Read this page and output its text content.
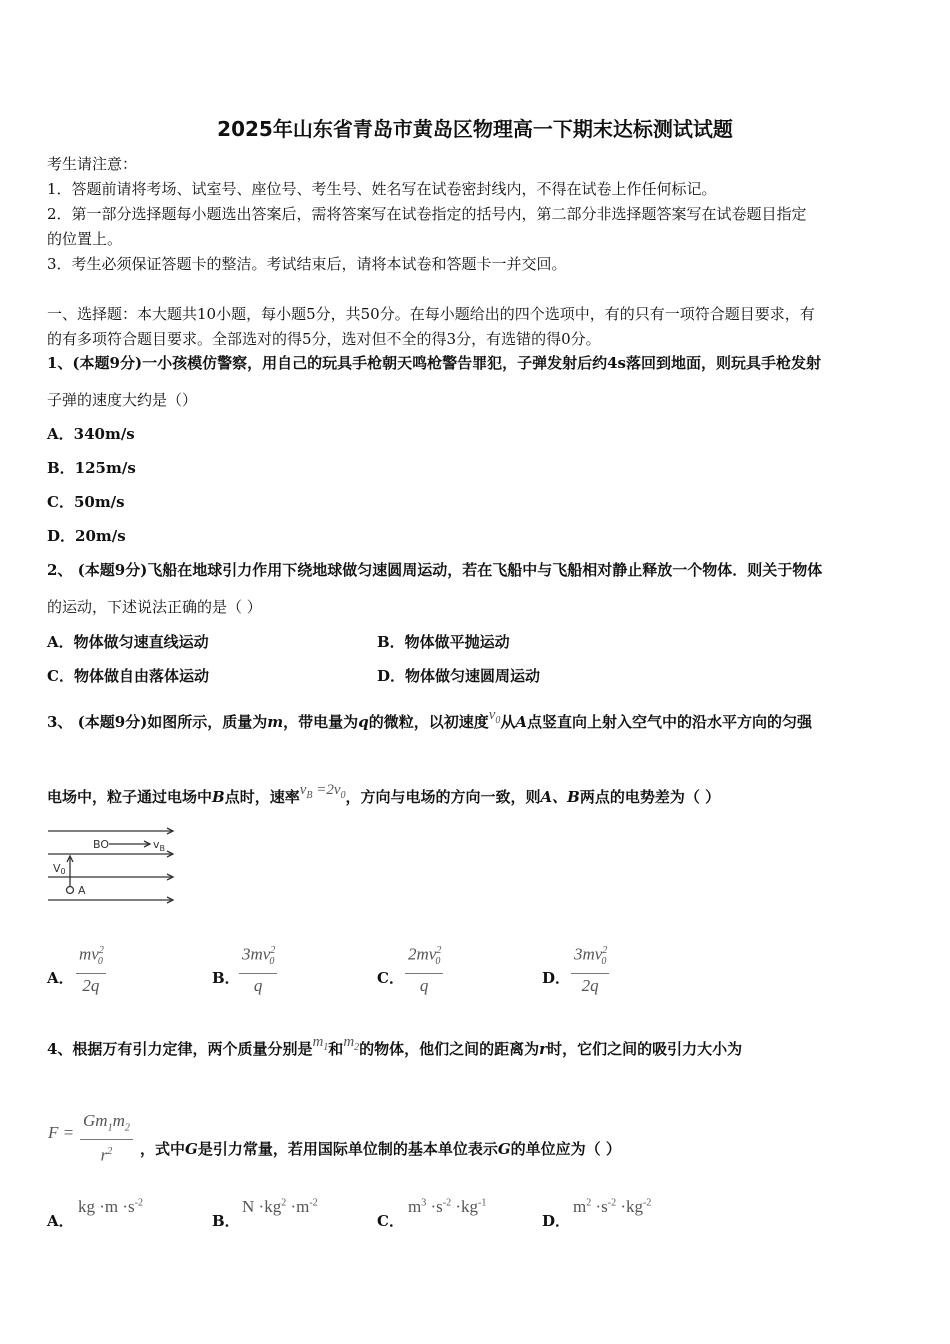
2025年山东省青岛市黄岛区物理高一下期末达标测试试题
考生请注意：
1．答题前请将考场、试室号、座位号、考生号、姓名写在试卷密封线内，不得在试卷上作任何标记。
2．第一部分选择题每小题选出答案后，需将答案写在试卷指定的括号内，第二部分非选择题答案写在试卷题目指定
的位置上。
3．考生必须保证答题卡的整洁。考试结束后，请将本试卷和答题卡一并交回。
一、选择题：本大题共10小题，每小题5分，共50分。在每小题给出的四个选项中，有的只有一项符合题目要求，有
的有多项符合题目要求。全部选对的得5分，选对但不全的得3分，有选错的得0分。
1、(本题9分)一小孩模仿警察，用自己的玩具手枪朝天鸣枪警告罪犯，子弹发射后约4s落回到地面，则玩具手枪发射
子弹的速度大约是（）
A．340m/s
B．125m/s
C．50m/s
D．20m/s
2、 (本题9分)飞船在地球引力作用下绕地球做匀速圆周运动，若在飞船中与飞船相对静止释放一个物体．则关于物体
的运动，下述说法正确的是（ ）
A．物体做匀速直线运动	B．物体做平抛运动
C．物体做自由落体运动	D．物体做匀速圆周运动
3、 (本题9分)如图所示，质量为m，带电量为q的微粒，以初速度$v_0$从A点竖直向上射入空气中的沿水平方向的匀强
电场中，粒子通过电场中B点时，速率$v_B =2v_0$，方向与电场的方向一致，则A、B两点的电势差为（ ）
BO	$v_B$
V0
A
A． $\frac{mv^2_0}{2q}$	B． $\frac{3mv^2_0}{q}$	C． $\frac{2mv^2_0}{q}$	D． $\frac{3mv^2_0}{2q}$
4、根据万有引力定律，两个质量分别是$m_1$和$m_2$的物体，他们之间的距离为r时，它们之间的吸引力大小为
$F = \frac{Gm_1m_2}{r^2}$ ，式中G是引力常量，若用国际单位制的基本单位表示G的单位应为（ ）
A．
kg $\cdot m \cdot s^{-2}$
B．
$N \cdot kg^2 \cdot m^{-2}$
C．
$m^3 \cdot s^{-2} \cdot kg^{-1}$
D．
$m^2 \cdot s^{-2} \cdot kg^{-2}$
